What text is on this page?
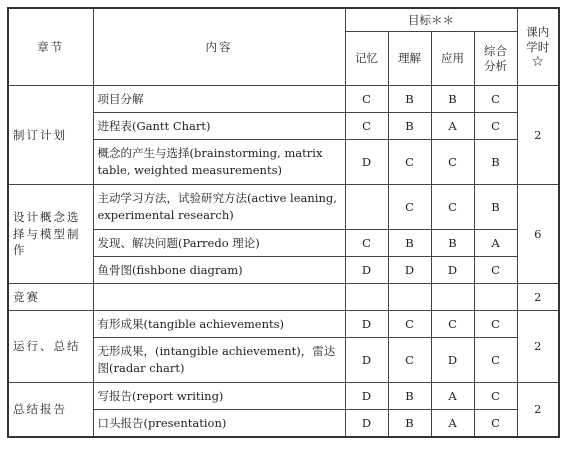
章节	内容	目标＊＊				课内
学时☆
		记忆	理解	应用	综合
分析	
制订计划	项目分解	C	B	B	C	2
	进程表(Gantt Chart)	C	B	A	C	
	概念的产生与选择(brainstorming, matrix table, weighted measurements)	D	C	C	B	
设计概念选择与模型制作	主动学习方法，试验研究方法(active leaning, experimental research)		C	C	B	6
	发现、解决问题(Parredo 理论)	C	B	B	A	
	鱼骨图(fishbone diagram)	D	D	D	C	
竞赛						2
运行、总结	有形成果(tangible achievements)	D	C	C	C	2
	无形成果，(intangible achievement)，雷达图(radar chart)	D	C	D	C	
总结报告	写报告(report writing)	D	B	A	C	2
	口头报告(presentation)	D	B	A	C	
